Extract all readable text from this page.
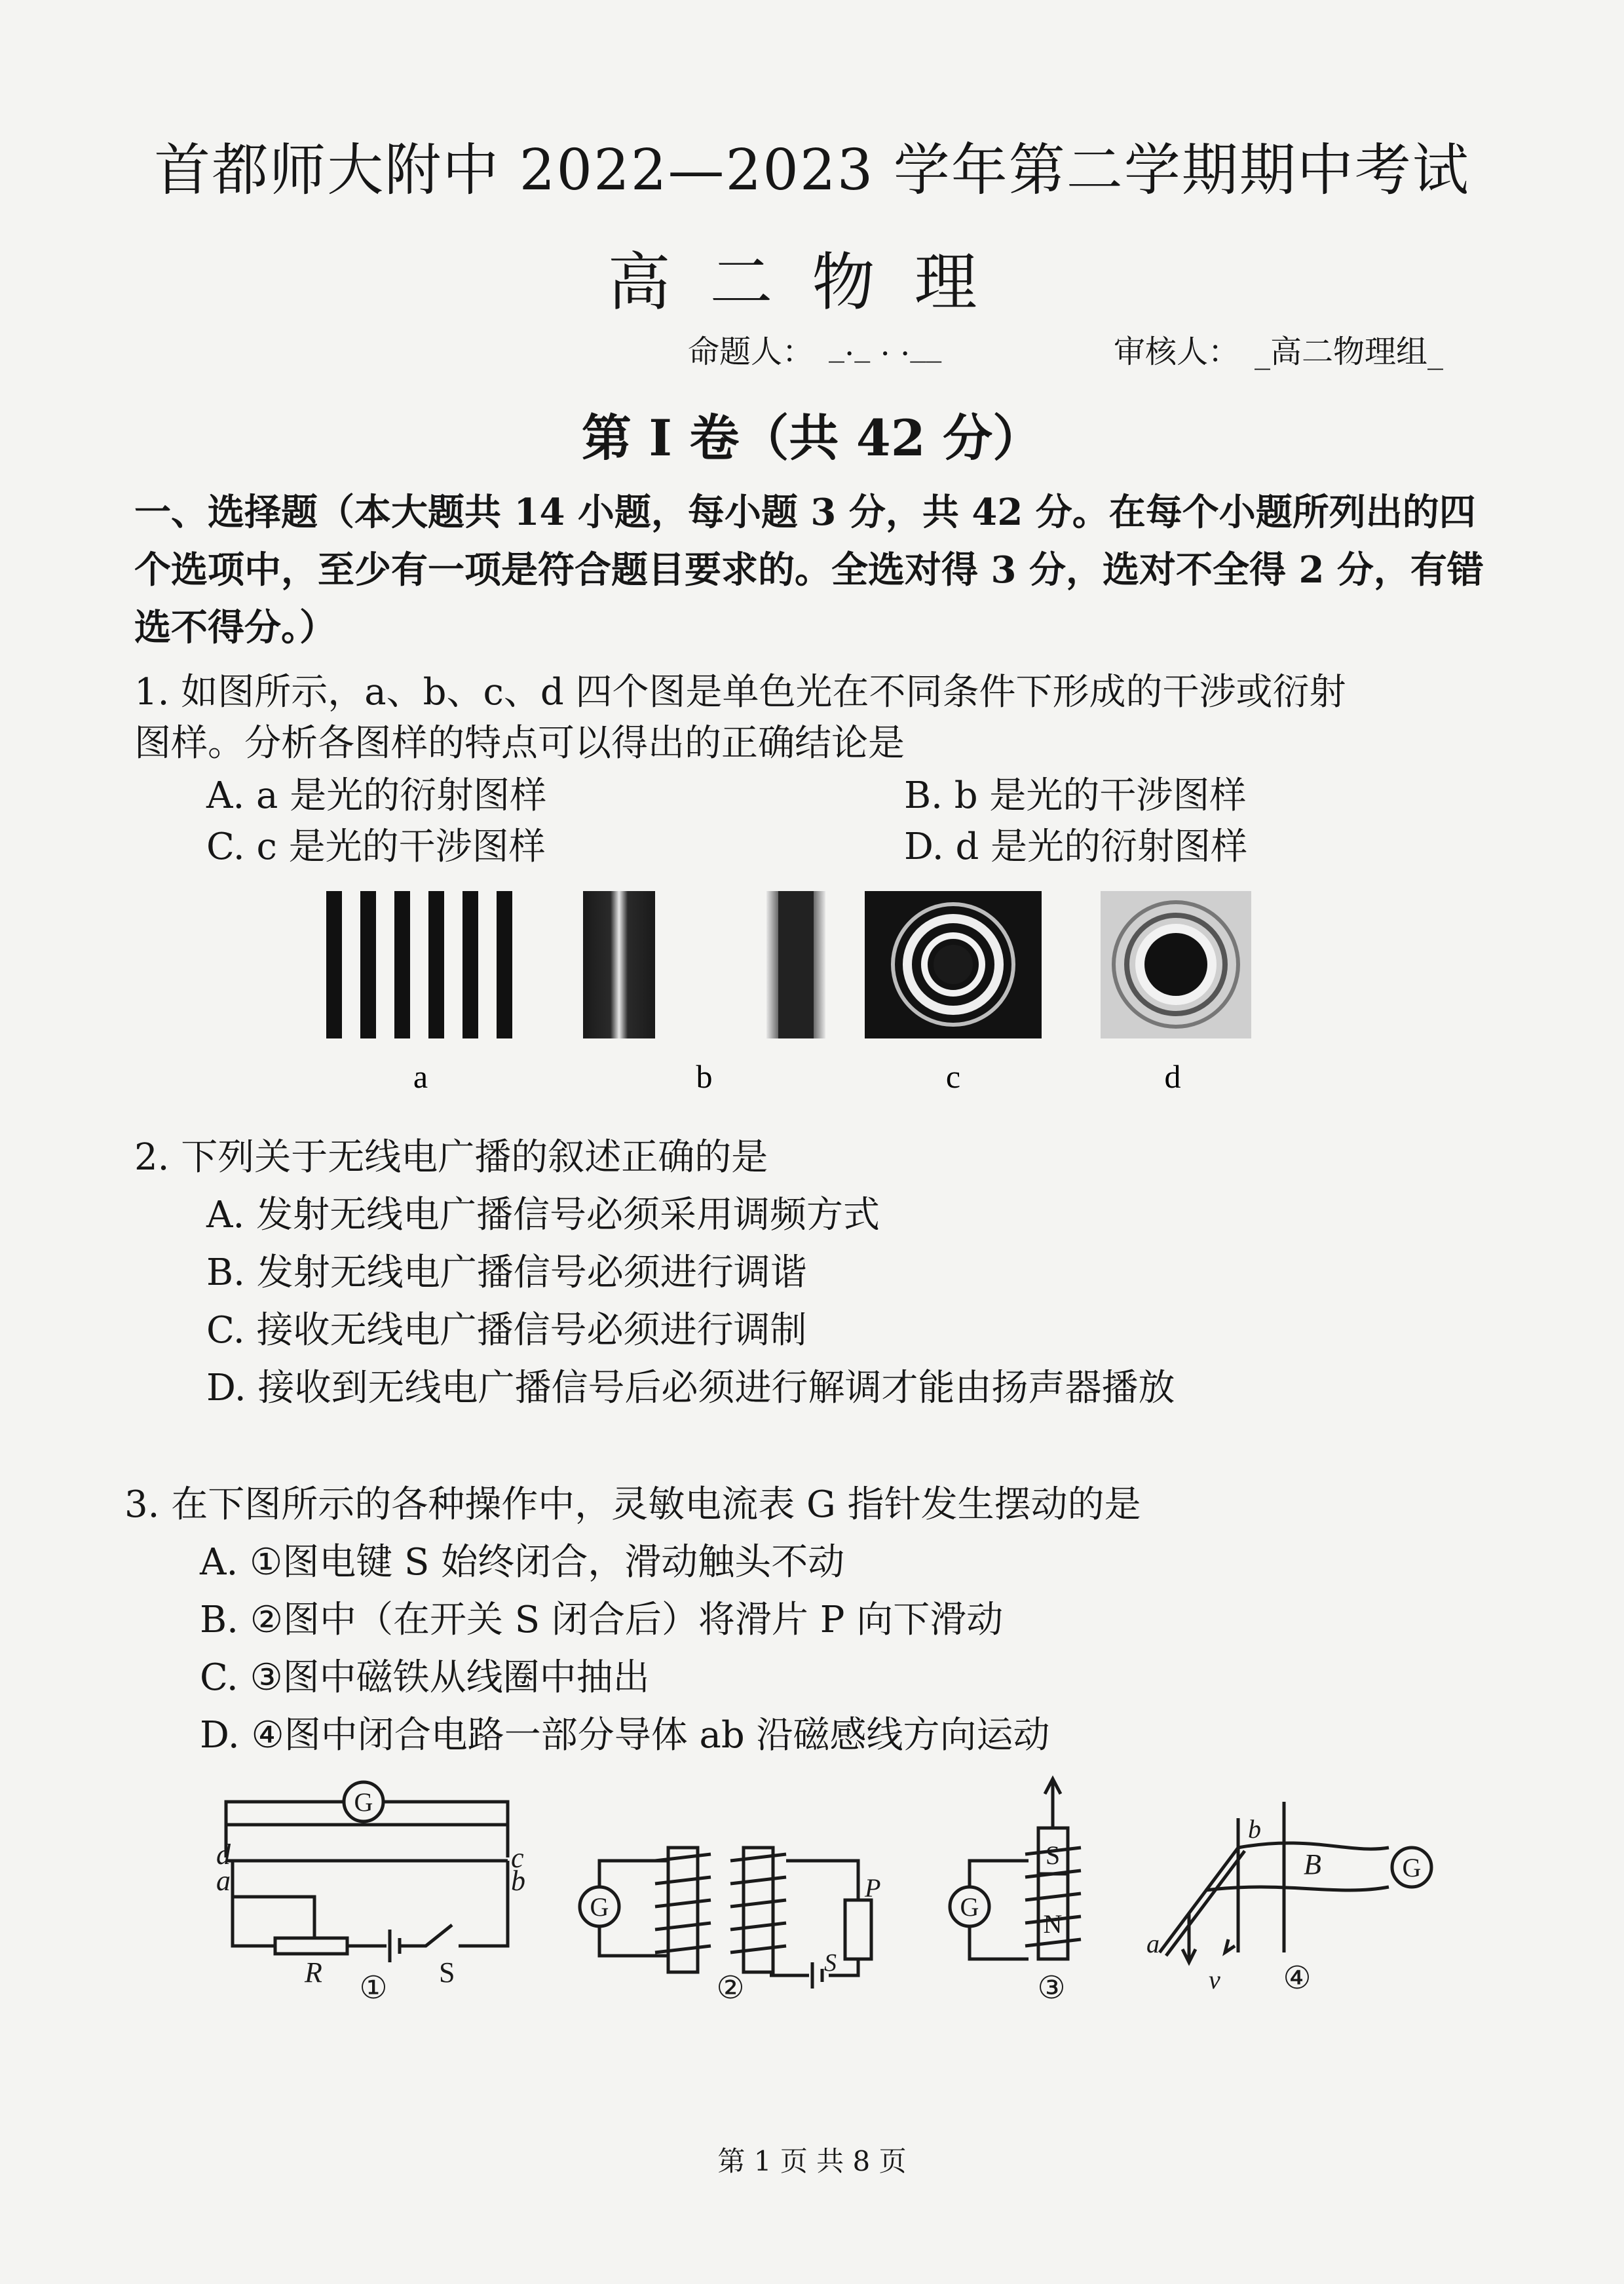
首都师大附中 2022—2023 学年第二学期期中考试
高二物理
命题人： _._ . .__	审核人： _高二物理组_
第 I 卷（共 42 分）
一、选择题（本大题共 14 小题，每小题 3 分，共 42 分。在每个小题所列出的四个选项中，至少有一项是符合题目要求的。全选对得 3 分，选对不全得 2 分，有错选不得分。）
1. 如图所示，a、b、c、d 四个图是单色光在不同条件下形成的干涉或衍射
图样。分析各图样的特点可以得出的正确结论是
A. a 是光的衍射图样	B. b 是光的干涉图样
C. c 是光的干涉图样	D. d 是光的衍射图样
a	b	c	d
2. 下列关于无线电广播的叙述正确的是
A. 发射无线电广播信号必须采用调频方式
B. 发射无线电广播信号必须进行调谐
C. 接收无线电广播信号必须进行调制
D. 接收到无线电广播信号后必须进行解调才能由扬声器播放
3. 在下图所示的各种操作中，灵敏电流表 G 指针发生摆动的是
A. ①图电键 S 始终闭合，滑动触头不动
B. ②图中（在开关 S 闭合后）将滑片 P 向下滑动
C. ③图中磁铁从线圈中抽出
D. ④图中闭合电路一部分导体 ab 沿磁感线方向运动
d
a
c
b
G
R	S
G
P
S
G
S
N
G
b
B
a
v
①	②	③	④
第 1 页 共 8 页
